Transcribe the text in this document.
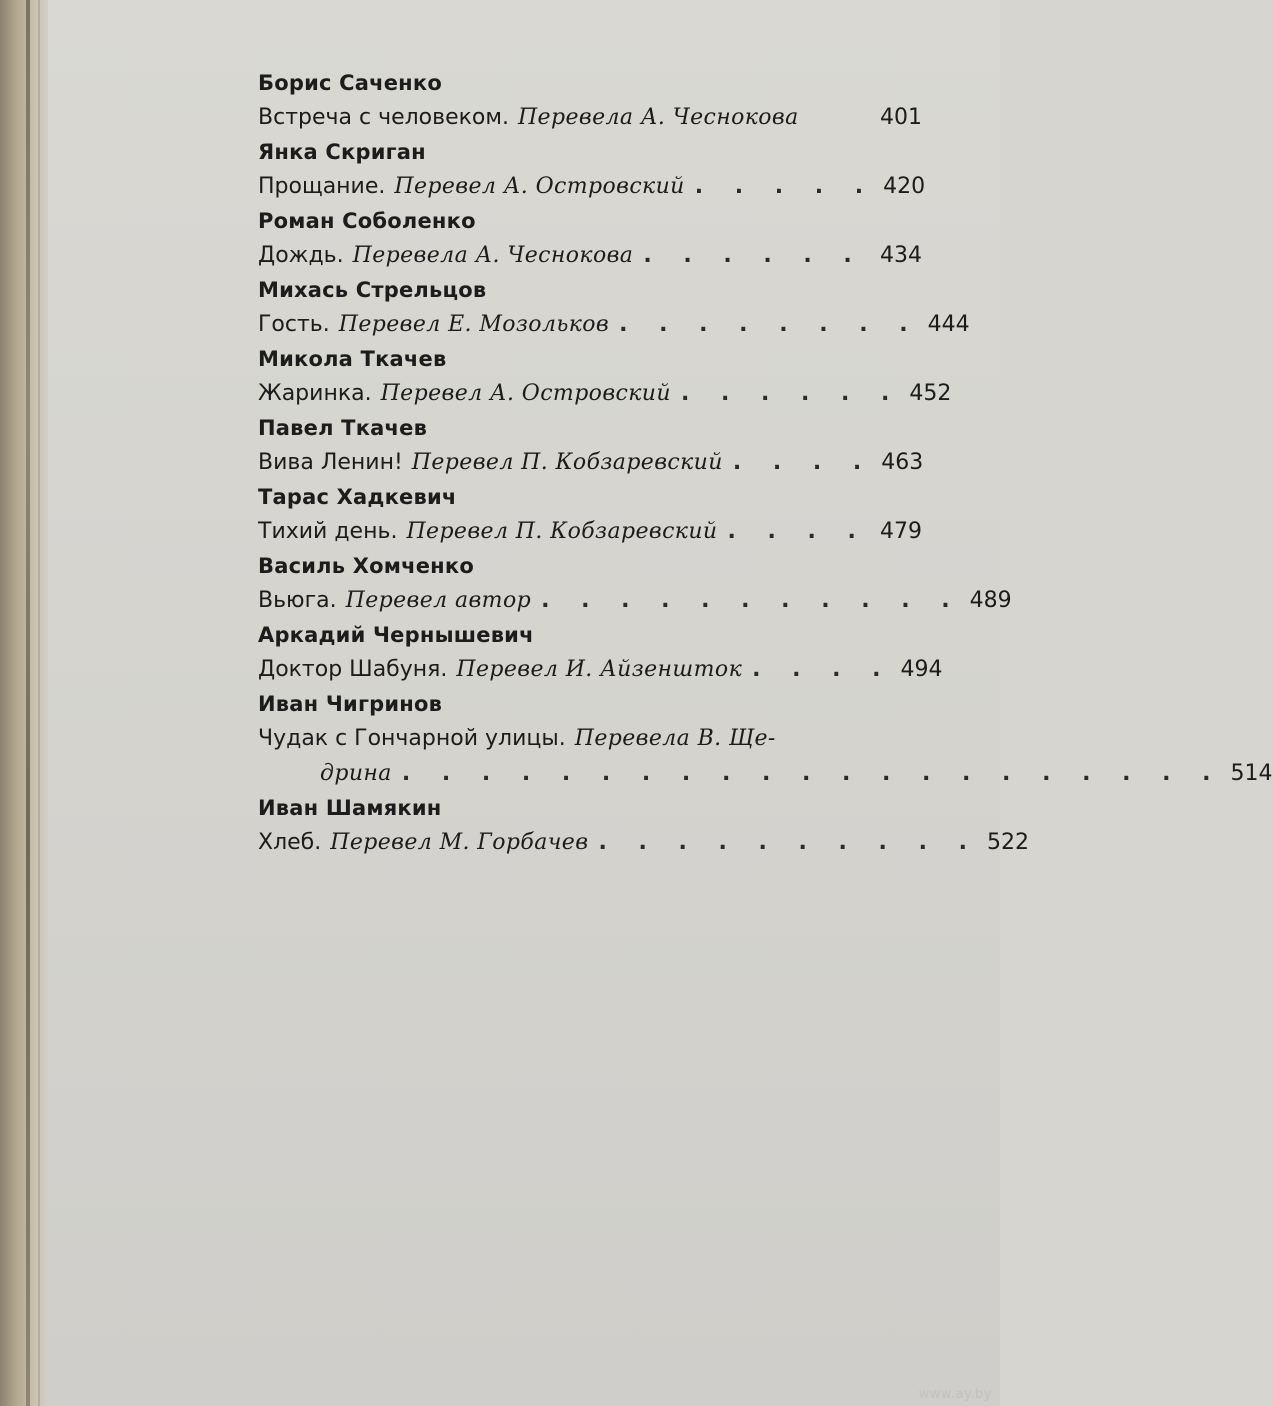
Борис Саченко
Встреча с человеком. Перевела А. Чеснокова	401
Янка Скриган
Прощание. Перевел А. Островский . . . . . 420
Роман Соболенко
Дождь. Перевела А. Чеснокова . . . . . . 434
Михась Стрельцов
Гость. Перевел Е. Мозольков . . . . . . . . 444
Микола Ткачев
Жаринка. Перевел А. Островский . . . . . . 452
Павел Ткачев
Вива Ленин! Перевел П. Кобзаревский . . . . 463
Тарас Хадкевич
Тихий день. Перевел П. Кобзаревский . . . . 479
Василь Хомченко
Вьюга. Перевел автор . . . . . . . . . . . 489
Аркадий Чернышевич
Доктор Шабуня. Перевел И. Айзеншток . . . . 494
Иван Чигринов
Чудак с Гончарной улицы. Перевела В. Ще-
дрина . . . . . . . . . . . . . . . . . . . . . 514
Иван Шамякин
Хлеб. Перевел М. Горбачев . . . . . . . . . . 522
www.ay.by
